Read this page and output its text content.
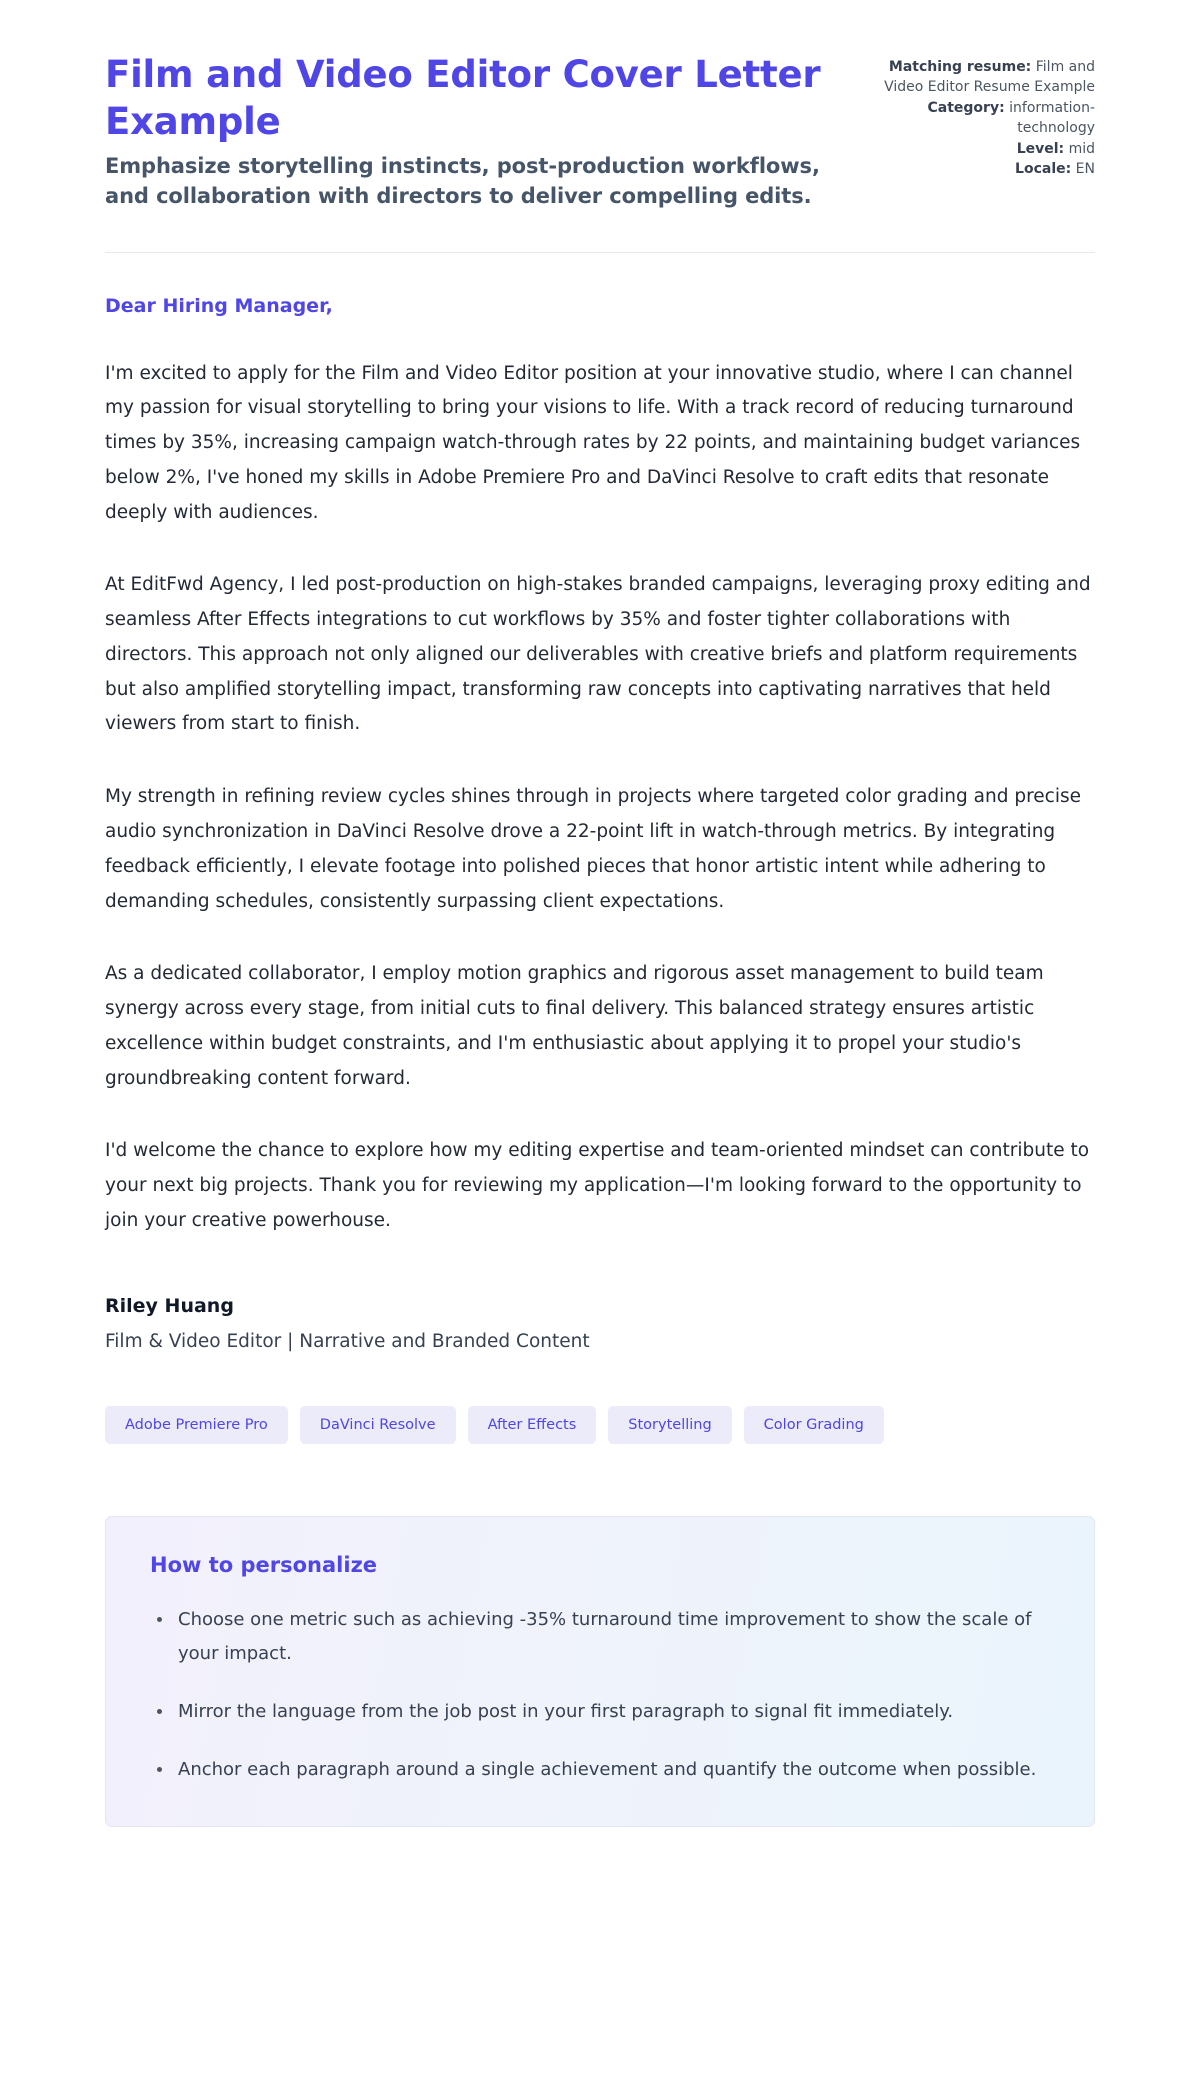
Film and Video Editor Cover Letter Example
Emphasize storytelling instincts, post-production workflows, and collaboration with directors to deliver compelling edits.
Matching resume: Film and Video Editor Resume Example
Category: information-technology
Level: mid
Locale: EN

Dear Hiring Manager,

I'm excited to apply for the Film and Video Editor position at your innovative studio, where I can channel my passion for visual storytelling to bring your visions to life. With a track record of reducing turnaround times by 35%, increasing campaign watch-through rates by 22 points, and maintaining budget variances below 2%, I've honed my skills in Adobe Premiere Pro and DaVinci Resolve to craft edits that resonate deeply with audiences.

At EditFwd Agency, I led post-production on high-stakes branded campaigns, leveraging proxy editing and seamless After Effects integrations to cut workflows by 35% and foster tighter collaborations with directors. This approach not only aligned our deliverables with creative briefs and platform requirements but also amplified storytelling impact, transforming raw concepts into captivating narratives that held viewers from start to finish.

My strength in refining review cycles shines through in projects where targeted color grading and precise audio synchronization in DaVinci Resolve drove a 22-point lift in watch-through metrics. By integrating feedback efficiently, I elevate footage into polished pieces that honor artistic intent while adhering to demanding schedules, consistently surpassing client expectations.

As a dedicated collaborator, I employ motion graphics and rigorous asset management to build team synergy across every stage, from initial cuts to final delivery. This balanced strategy ensures artistic excellence within budget constraints, and I'm enthusiastic about applying it to propel your studio's groundbreaking content forward.

I'd welcome the chance to explore how my editing expertise and team-oriented mindset can contribute to your next big projects. Thank you for reviewing my application—I'm looking forward to the opportunity to join your creative powerhouse.

Riley Huang

Film & Video Editor | Narrative and Branded Content

Adobe Premiere Pro	DaVinci Resolve	After Effects	Storytelling	Color Grading
How to personalize
Choose one metric such as achieving -35% turnaround time improvement to show the scale of your impact.
Mirror the language from the job post in your first paragraph to signal fit immediately.
Anchor each paragraph around a single achievement and quantify the outcome when possible.
